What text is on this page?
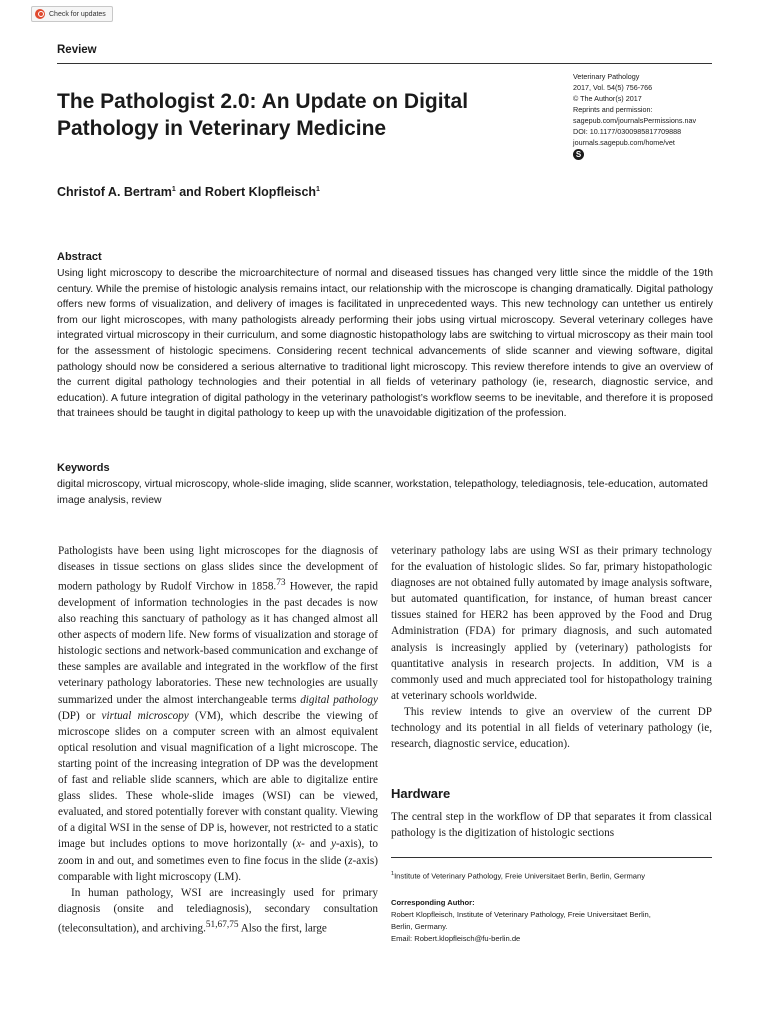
Check for updates
Review
The Pathologist 2.0: An Update on Digital Pathology in Veterinary Medicine
Veterinary Pathology
2017, Vol. 54(5) 756-766
© The Author(s) 2017
Reprints and permission:
sagepub.com/journalsPermissions.nav
DOI: 10.1177/0300985817709888
journals.sagepub.com/home/vet
S
Christof A. Bertram$^1$ and Robert Klopfleisch$^1$
Abstract
Using light microscopy to describe the microarchitecture of normal and diseased tissues has changed very little since the middle of the 19th century. While the premise of histologic analysis remains intact, our relationship with the microscope is changing dramatically. Digital pathology offers new forms of visualization, and delivery of images is facilitated in unprecedented ways. This new technology can untether us entirely from our light microscopes, with many pathologists already performing their jobs using virtual microscopy. Several veterinary colleges have integrated virtual microscopy in their curriculum, and some diagnostic histopathology labs are switching to virtual microscopy as their main tool for the assessment of histologic specimens. Considering recent technical advancements of slide scanner and viewing software, digital pathology should now be considered a serious alternative to traditional light microscopy. This review therefore intends to give an overview of the current digital pathology technologies and their potential in all fields of veterinary pathology (ie, research, diagnostic service, and education). A future integration of digital pathology in the veterinary pathologist’s workflow seems to be inevitable, and therefore it is proposed that trainees should be taught in digital pathology to keep up with the unavoidable digitization of the profession.
Keywords
digital microscopy, virtual microscopy, whole-slide imaging, slide scanner, workstation, telepathology, telediagnosis, tele-education, automated image analysis, review

Pathologists have been using light microscopes for the diagnosis of diseases in tissue sections on glass slides since the development of modern pathology by Rudolf Virchow in 1858.73 However, the rapid development of information technologies in the past decades is now also reaching this sanctuary of pathology as it has changed almost all other aspects of modern life. New forms of visualization and storage of histologic sections and network-based communication and exchange of these samples are available and integrated in the workflow of the first veterinary pathology laboratories. These new technologies are usually summarized under the almost interchangeable terms digital pathology (DP) or virtual microscopy (VM), which describe the viewing of microscope slides on a computer screen with an almost equivalent optical resolution and visual magnification of a light microscope. The starting point of the increasing integration of DP was the development of fast and reliable slide scanners, which are able to digitalize entire glass slides. These whole-slide images (WSI) can be viewed, evaluated, and stored potentially forever with constant quality. Viewing of a digital WSI in the sense of DP is, however, not restricted to a static image but includes options to move horizontally (x- and y-axis), to zoom in and out, and sometimes even to fine focus in the slide (z-axis) comparable with light microscopy (LM).

In human pathology, WSI are increasingly used for primary diagnosis (onsite and telediagnosis), secondary consultation (teleconsultation), and archiving.$^{51,67,75}$ Also the first, large

veterinary pathology labs are using WSI as their primary technology for the evaluation of histologic slides. So far, primary histopathologic diagnoses are not obtained fully automated by image analysis software, but automated quantification, for instance, of human breast cancer tissues stained for HER2 has been approved by the Food and Drug Administration (FDA) for primary diagnosis, and such automated analysis is increasingly applied by (veterinary) pathologists for quantitative analysis in research projects. In addition, VM is a commonly used and much appreciated tool for histopathology training at veterinary schools worldwide.

This review intends to give an overview of the current DP technology and its potential in all fields of veterinary pathology (ie, research, diagnostic service, education).

Hardware
The central step in the workflow of DP that separates it from classical pathology is the digitization of histologic sections
$^1$Institute of Veterinary Pathology, Freie Universitaet Berlin, Berlin, Germany
Corresponding Author:
Robert Klopfleisch, Institute of Veterinary Pathology, Freie Universitaet Berlin,
Berlin, Germany.
Email: Robert.klopfleisch@fu-berlin.de
